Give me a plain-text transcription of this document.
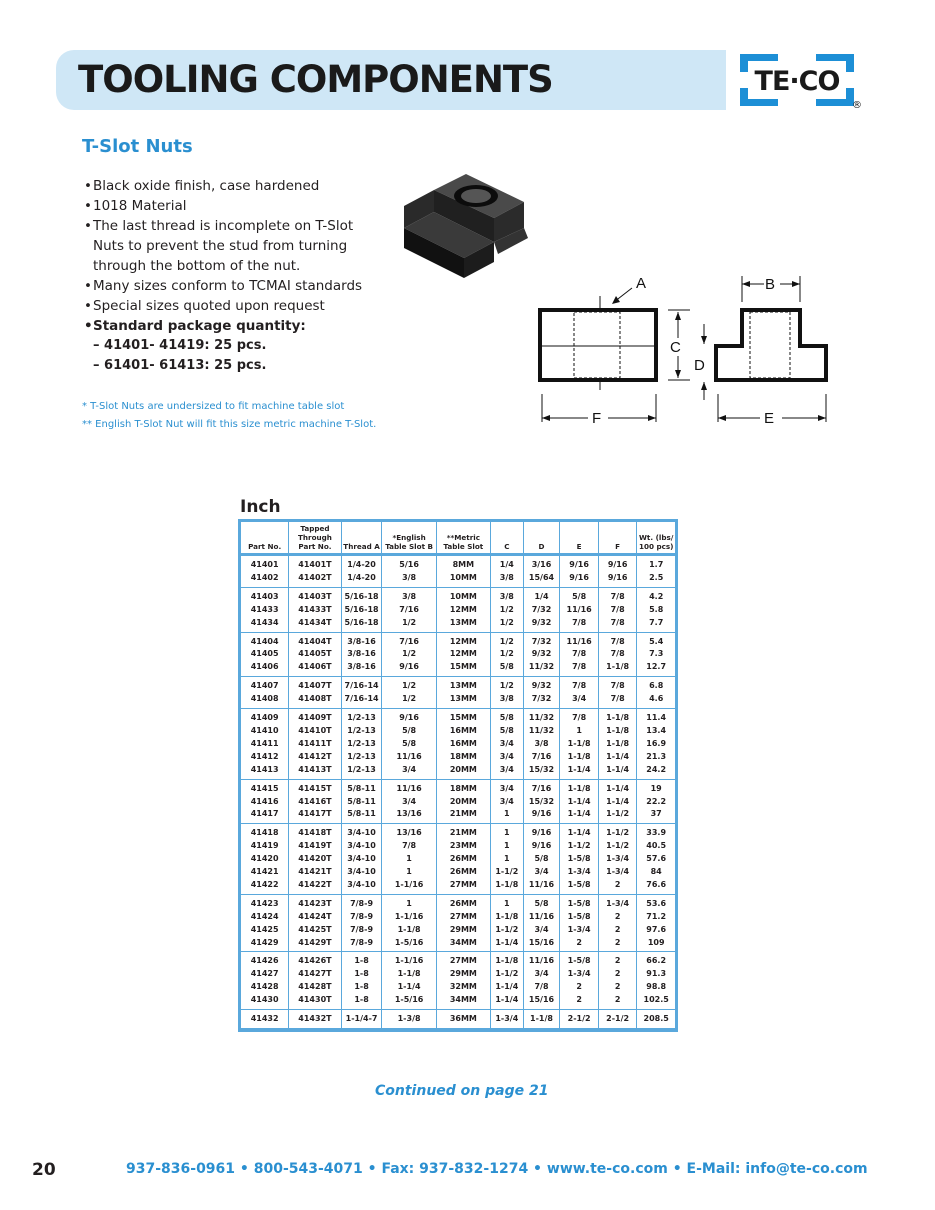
TOOLING COMPONENTS	TE·CO
®
T-Slot Nuts
• Black oxide finish, case hardened
• 1018 Material
• The last thread is incomplete on T-Slot Nuts to prevent the stud from turning through the bottom of the nut.
• Many sizes conform to TCMAI standards
• Special sizes quoted upon request
• Standard package quantity:
– 41401- 41419: 25 pcs.
– 61401- 61413: 25 pcs.
* T-Slot Nuts are undersized to fit machine table slot
** English T-Slot Nut will fit this size metric machine T-Slot.
A	B
C
D
E
F
Inch
Part No.	Tapped Through Part No.	Thread A	*English Table Slot B	**Metric Table Slot	C	D	E	F	Wt. (lbs/ 100 pcs)
41401	41401T	1/4-20	5/16	8MM	1/4	3/16	9/16	9/16	1.7
41402	41402T	1/4-20	3/8	10MM	3/8	15/64	9/16	9/16	2.5
41403	41403T	5/16-18	3/8	10MM	3/8	1/4	5/8	7/8	4.2
41433	41433T	5/16-18	7/16	12MM	1/2	7/32	11/16	7/8	5.8
41434	41434T	5/16-18	1/2	13MM	1/2	9/32	7/8	7/8	7.7
41404	41404T	3/8-16	7/16	12MM	1/2	7/32	11/16	7/8	5.4
41405	41405T	3/8-16	1/2	12MM	1/2	9/32	7/8	7/8	7.3
41406	41406T	3/8-16	9/16	15MM	5/8	11/32	7/8	1-1/8	12.7
41407	41407T	7/16-14	1/2	13MM	1/2	9/32	7/8	7/8	6.8
41408	41408T	7/16-14	1/2	13MM	3/8	7/32	3/4	7/8	4.6
41409	41409T	1/2-13	9/16	15MM	5/8	11/32	7/8	1-1/8	11.4
41410	41410T	1/2-13	5/8	16MM	5/8	11/32	1	1-1/8	13.4
41411	41411T	1/2-13	5/8	16MM	3/4	3/8	1-1/8	1-1/8	16.9
41412	41412T	1/2-13	11/16	18MM	3/4	7/16	1-1/8	1-1/4	21.3
41413	41413T	1/2-13	3/4	20MM	3/4	15/32	1-1/4	1-1/4	24.2
41415	41415T	5/8-11	11/16	18MM	3/4	7/16	1-1/8	1-1/4	19
41416	41416T	5/8-11	3/4	20MM	3/4	15/32	1-1/4	1-1/4	22.2
41417	41417T	5/8-11	13/16	21MM	1	9/16	1-1/4	1-1/2	37
41418	41418T	3/4-10	13/16	21MM	1	9/16	1-1/4	1-1/2	33.9
41419	41419T	3/4-10	7/8	23MM	1	9/16	1-1/2	1-1/2	40.5
41420	41420T	3/4-10	1	26MM	1	5/8	1-5/8	1-3/4	57.6
41421	41421T	3/4-10	1	26MM	1-1/2	3/4	1-3/4	1-3/4	84
41422	41422T	3/4-10	1-1/16	27MM	1-1/8	11/16	1-5/8	2	76.6
41423	41423T	7/8-9	1	26MM	1	5/8	1-5/8	1-3/4	53.6
41424	41424T	7/8-9	1-1/16	27MM	1-1/8	11/16	1-5/8	2	71.2
41425	41425T	7/8-9	1-1/8	29MM	1-1/2	3/4	1-3/4	2	97.6
41429	41429T	7/8-9	1-5/16	34MM	1-1/4	15/16	2	2	109
41426	41426T	1-8	1-1/16	27MM	1-1/8	11/16	1-5/8	2	66.2
41427	41427T	1-8	1-1/8	29MM	1-1/2	3/4	1-3/4	2	91.3
41428	41428T	1-8	1-1/4	32MM	1-1/4	7/8	2	2	98.8
41430	41430T	1-8	1-5/16	34MM	1-1/4	15/16	2	2	102.5
41432	41432T	1-1/4-7	1-3/8	36MM	1-3/4	1-1/8	2-1/2	2-1/2	208.5
Continued on page 21
20	937-836-0961 • 800-543-4071 • Fax: 937-832-1274 • www.te-co.com • E-Mail: info@te-co.com
